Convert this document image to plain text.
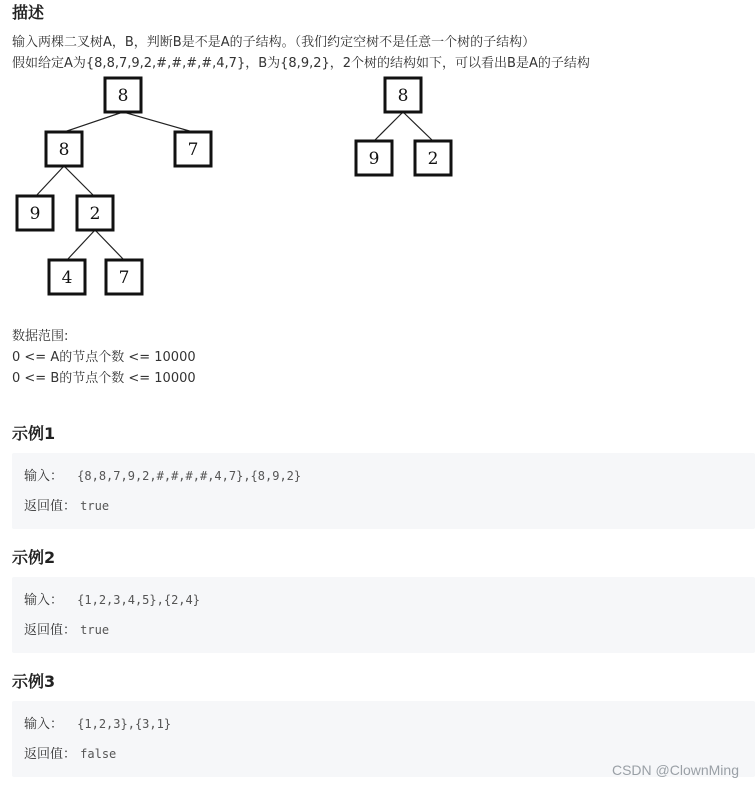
描述
输入两棵二叉树A，B，判断B是不是A的子结构。（我们约定空树不是任意一个树的子结构）
假如给定A为{8,8,7,9,2,#,#,#,#,4,7}，B为{8,9,2}，2个树的结构如下，可以看出B是A的子结构
8
8	7
9	2
4	7
8
9	2
数据范围:
0 <= A的节点个数 <= 10000
0 <= B的节点个数 <= 10000
示例1
输入： {8,8,7,9,2,#,#,#,#,4,7},{8,9,2}
返回值： true
示例2
输入： {1,2,3,4,5},{2,4}
返回值： true
示例3
输入： {1,2,3},{3,1}
返回值： false
CSDN @ClownMing
